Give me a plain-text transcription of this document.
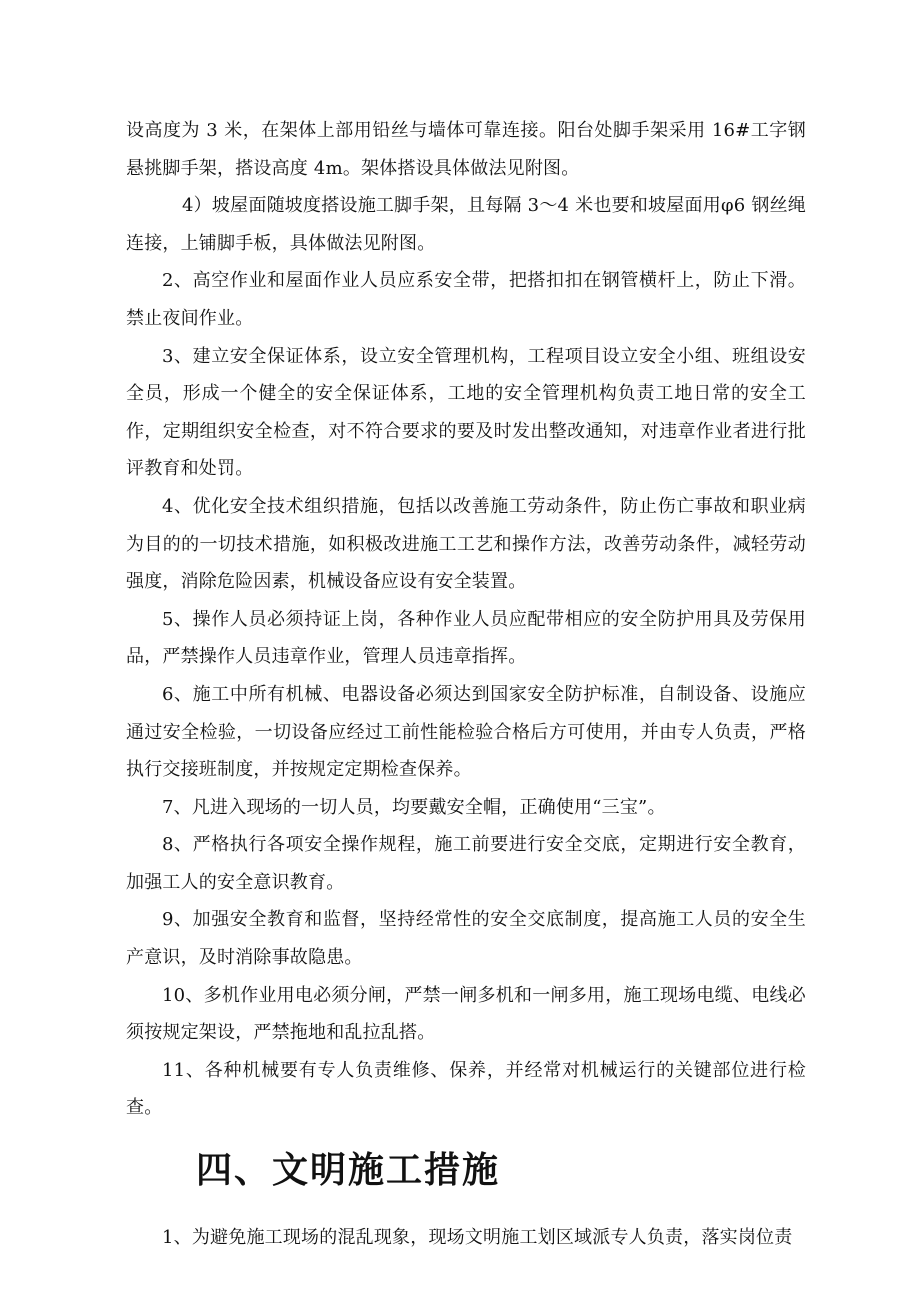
设高度为 3 米，在架体上部用铅丝与墙体可靠连接。阳台处脚手架采用 16#工字钢悬挑脚手架，搭设高度 4m。架体搭设具体做法见附图。

4）坡屋面随坡度搭设施工脚手架，且每隔 3～4 米也要和坡屋面用φ6 钢丝绳连接，上铺脚手板，具体做法见附图。

2、高空作业和屋面作业人员应系安全带，把搭扣扣在钢管横杆上，防止下滑。禁止夜间作业。

3、建立安全保证体系，设立安全管理机构，工程项目设立安全小组、班组设安全员，形成一个健全的安全保证体系，工地的安全管理机构负责工地日常的安全工作，定期组织安全检查，对不符合要求的要及时发出整改通知，对违章作业者进行批评教育和处罚。

4、优化安全技术组织措施，包括以改善施工劳动条件，防止伤亡事故和职业病为目的的一切技术措施，如积极改进施工工艺和操作方法，改善劳动条件，减轻劳动强度，消除危险因素，机械设备应设有安全装置。

5、操作人员必须持证上岗，各种作业人员应配带相应的安全防护用具及劳保用品，严禁操作人员违章作业，管理人员违章指挥。

6、施工中所有机械、电器设备必须达到国家安全防护标准，自制设备、设施应通过安全检验，一切设备应经过工前性能检验合格后方可使用，并由专人负责，严格执行交接班制度，并按规定定期检查保养。

7、凡进入现场的一切人员，均要戴安全帽，正确使用“三宝”。

8、严格执行各项安全操作规程，施工前要进行安全交底，定期进行安全教育，加强工人的安全意识教育。

9、加强安全教育和监督，坚持经常性的安全交底制度，提高施工人员的安全生产意识，及时消除事故隐患。

10、多机作业用电必须分闸，严禁一闸多机和一闸多用，施工现场电缆、电线必须按规定架设，严禁拖地和乱拉乱搭。

11、各种机械要有专人负责维修、保养，并经常对机械运行的关键部位进行检查。

四、文明施工措施

1、为避免施工现场的混乱现象，现场文明施工划区域派专人负责，落实岗位责
